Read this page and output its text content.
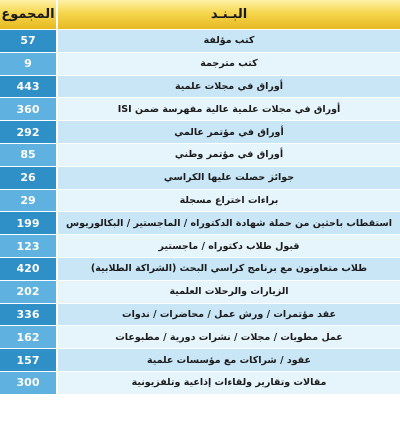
المجموع	البـنـد
57	كتب مؤلفة
9	كتب مترجمة
443	أوراق في مجلات علمية
360	أوراق في مجلات علمية عالية مفهرسة ضمن ISI
292	أوراق في مؤتمر عالمي
85	أوراق في مؤتمر وطني
26	جوائز حصلت عليها الكراسي
29	براءات اختراع مسجلة
199	استقطاب باحثين من حملة شهادة الدكتوراه / الماجستير / البكالوريوس
123	قبول طلاب دكتوراه / ماجستير
420	طلاب متعاونون مع برنامج كراسي البحث (الشراكة الطلابية)
202	الزيارات والرحلات العلمية
336	عقد مؤتمرات / ورش عمل / محاضرات / ندوات
162	عمل مطويات / مجلات / نشرات دورية / مطبوعات
157	عقود / شراكات مع مؤسسات علمية
300	مقالات وتقارير ولقاءات إذاعية وتلفزيونية
